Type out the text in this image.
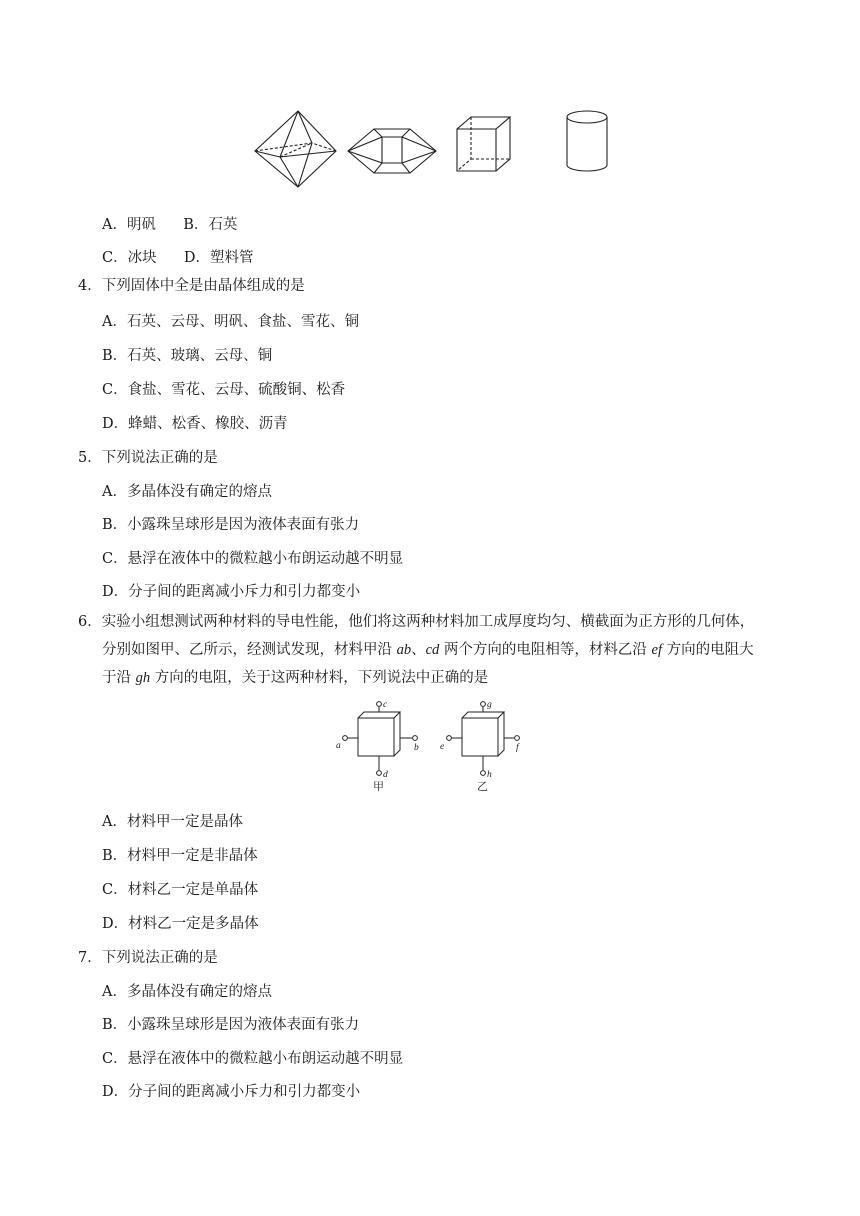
A．明矾 B．石英
C．冰块 D．塑料管
4．下列固体中全是由晶体组成的是
A．石英、云母、明矾、食盐、雪花、铜
B．石英、玻璃、云母、铜
C．食盐、雪花、云母、硫酸铜、松香
D．蜂蜡、松香、橡胶、沥青
5．下列说法正确的是
A．多晶体没有确定的熔点
B．小露珠呈球形是因为液体表面有张力
C．悬浮在液体中的微粒越小布朗运动越不明显
D．分子间的距离减小斥力和引力都变小
6．实验小组想测试两种材料的导电性能，他们将这两种材料加工成厚度均匀、横截面为正方形的几何体，
分别如图甲、乙所示，经测试发现，材料甲沿 ab、cd 两个方向的电阻相等，材料乙沿 ef 方向的电阻大
于沿 gh 方向的电阻，关于这两种材料，下列说法中正确的是
c
a	b
d
g
e	f
h
甲	乙
A．材料甲一定是晶体
B．材料甲一定是非晶体
C．材料乙一定是单晶体
D．材料乙一定是多晶体
7．下列说法正确的是
A．多晶体没有确定的熔点
B．小露珠呈球形是因为液体表面有张力
C．悬浮在液体中的微粒越小布朗运动越不明显
D．分子间的距离减小斥力和引力都变小
